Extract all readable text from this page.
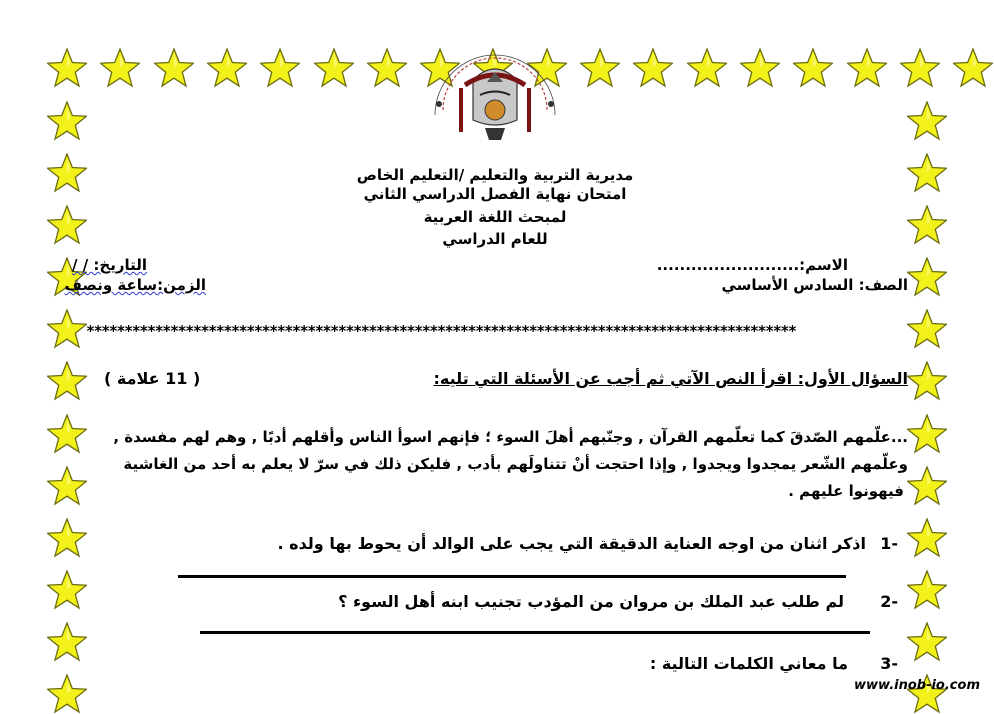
مديرية التربية والتعليم /التعليم الخاص
امتحان نهاية الفصل الدراسي الثاني
لمبحث اللغة العربية
للعام الدراسي
الاسم:.........................
الصف: السادس الأساسي
التاريخ: / /
الزمن:ساعة ونصف
*********************************************************************************************
السؤال الأول: اقرأ النص الآتي ثم أجب عن الأسئلة التي تليه:
( 11 علامة )
...علّمهم الصّدقَ كما تعلّمهم القرآن , وجنّبهم أهلَ السوء ؛ فإنهم اسوأ الناس وأقلهم أدبًا , وهم لهم مفسدة ,
وعلّمهم الشّعر يمجدوا ويجدوا , وإذا احتجت أنْ تتناولَهم بأدب , فليكن ذلك في سرّ لا يعلم به أحد من الغاشية
فيهونوا عليهم .
-1
اذكر اثنان من اوجه العناية الدقيقة التي يجب على الوالد أن يحوط بها ولده .
-2
لم طلب عبد الملك بن مروان من المؤدب تجنيب ابنه أهل السوء ؟
-3
ما معاني الكلمات التالية :
www.inob-io.com
